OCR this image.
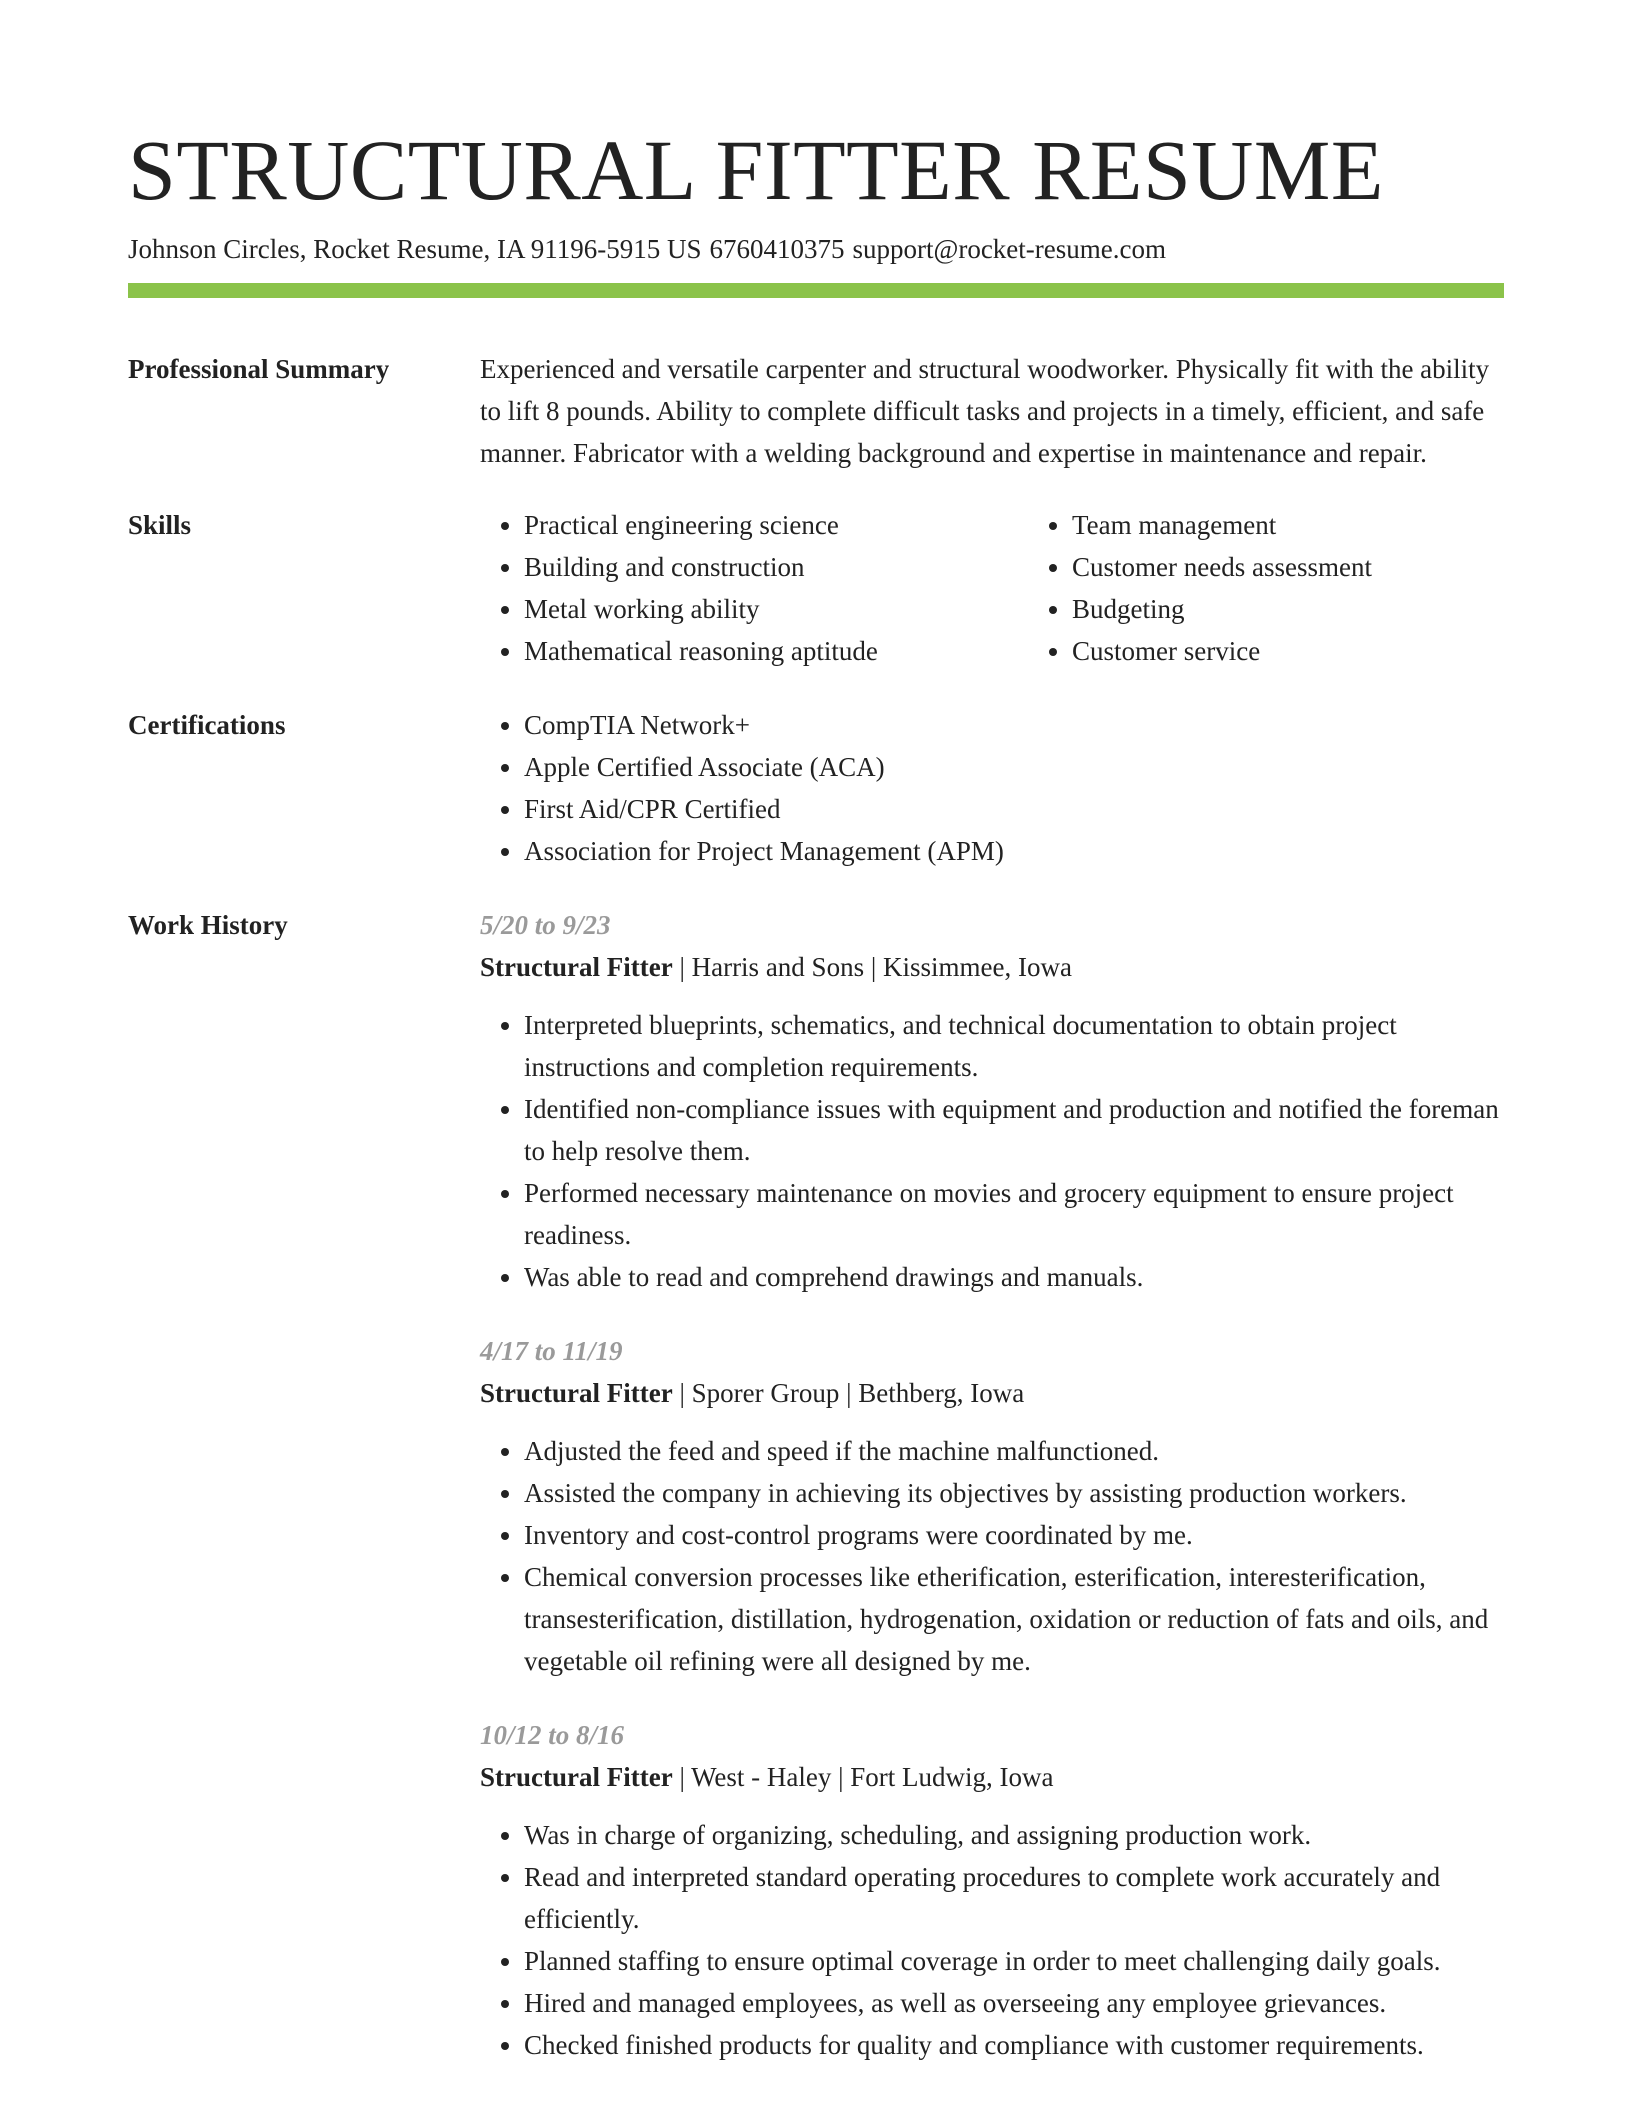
STRUCTURAL FITTER RESUME
Johnson Circles, Rocket Resume, IA 91196-5915 US 6760410375 support@rocket-resume.com
Professional Summary	Experienced and versatile carpenter and structural woodworker. Physically fit with the ability to lift 8 pounds. Ability to complete difficult tasks and projects in a timely, efficient, and safe manner. Fabricator with a welding background and expertise in maintenance and repair.
Skills	• Practical engineering science
• Building and construction
• Metal working ability
• Mathematical reasoning aptitude
• Team management
• Customer needs assessment
• Budgeting
• Customer service
Certifications	• CompTIA Network+
• Apple Certified Associate (ACA)
• First Aid/CPR Certified
• Association for Project Management (APM)
Work History	5/20 to 9/23
Structural Fitter | Harris and Sons | Kissimmee, Iowa
• Interpreted blueprints, schematics, and technical documentation to obtain project instructions and completion requirements.
• Identified non-compliance issues with equipment and production and notified the foreman to help resolve them.
• Performed necessary maintenance on movies and grocery equipment to ensure project readiness.
• Was able to read and comprehend drawings and manuals.
4/17 to 11/19
Structural Fitter | Sporer Group | Bethberg, Iowa
• Adjusted the feed and speed if the machine malfunctioned.
• Assisted the company in achieving its objectives by assisting production workers.
• Inventory and cost-control programs were coordinated by me.
• Chemical conversion processes like etherification, esterification, interesterification, transesterification, distillation, hydrogenation, oxidation or reduction of fats and oils, and vegetable oil refining were all designed by me.
10/12 to 8/16
Structural Fitter | West - Haley | Fort Ludwig, Iowa
• Was in charge of organizing, scheduling, and assigning production work.
• Read and interpreted standard operating procedures to complete work accurately and efficiently.
• Planned staffing to ensure optimal coverage in order to meet challenging daily goals.
• Hired and managed employees, as well as overseeing any employee grievances.
• Checked finished products for quality and compliance with customer requirements.
